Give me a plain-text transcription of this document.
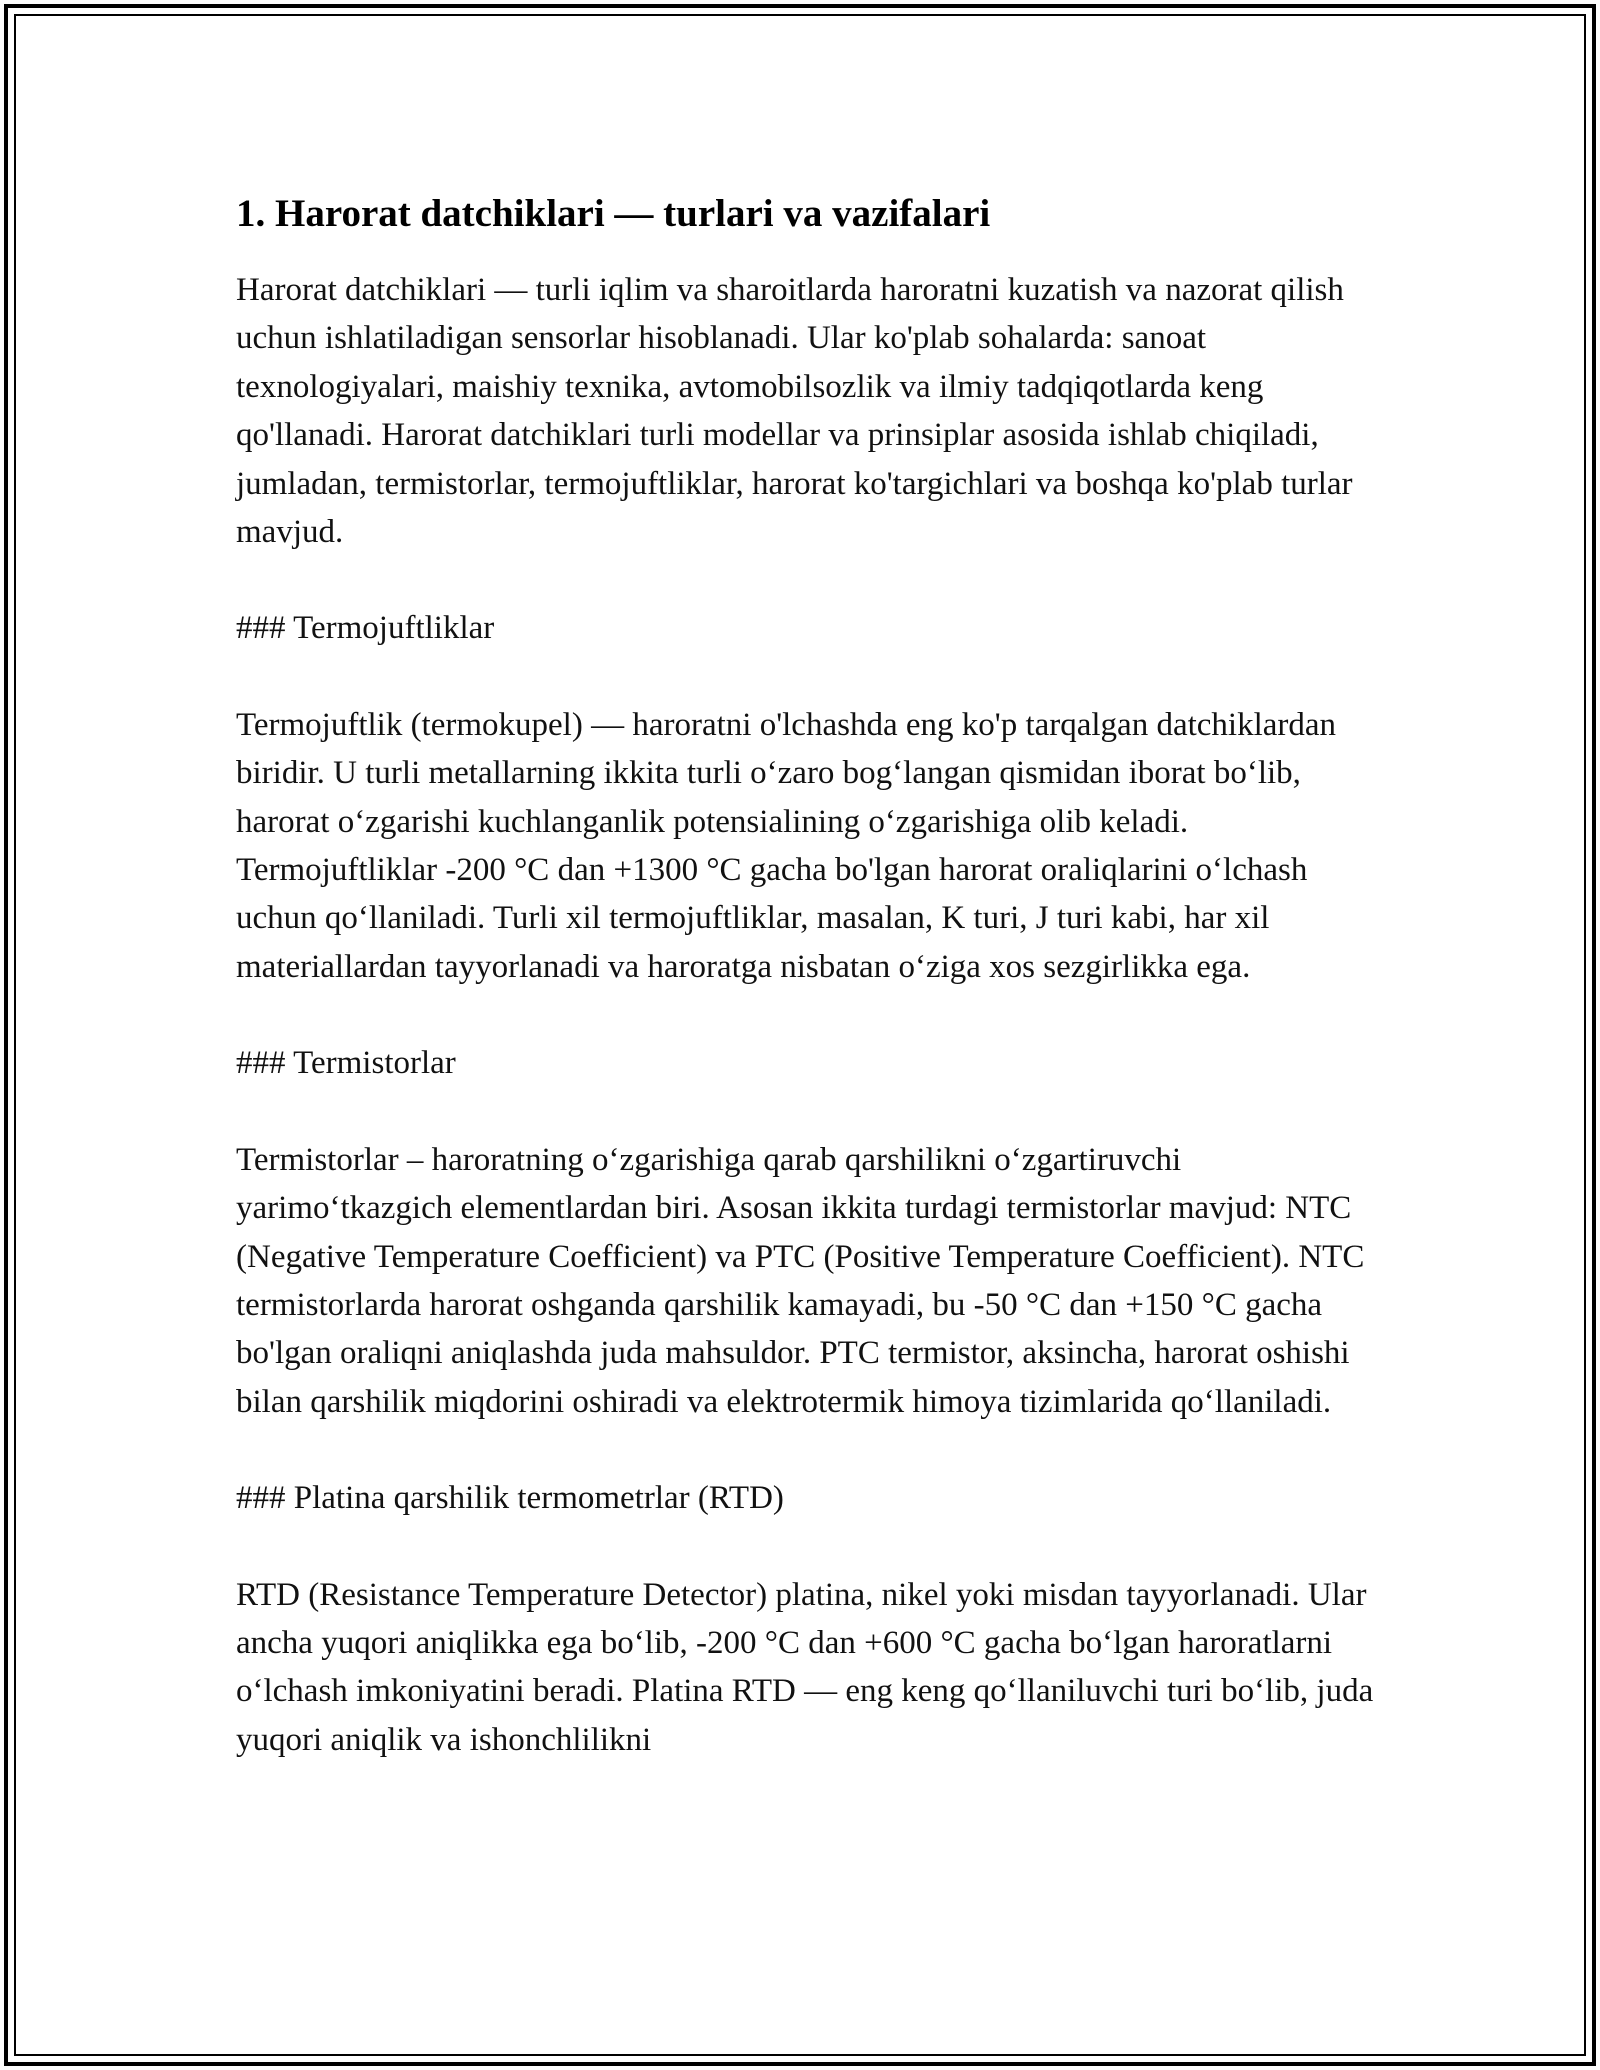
1. Harorat datchiklari — turlari va vazifalari

Harorat datchiklari — turli iqlim va sharoitlarda haroratni kuzatish va nazorat qilish uchun ishlatiladigan sensorlar hisoblanadi. Ular ko'plab sohalarda: sanoat texnologiyalari, maishiy texnika, avtomobilsozlik va ilmiy tadqiqotlarda keng qo'llanadi. Harorat datchiklari turli modellar va prinsiplar asosida ishlab chiqiladi, jumladan, termistorlar, termojuftliklar, harorat ko'targichlari va boshqa ko'plab turlar mavjud.

### Termojuftliklar

Termojuftlik (termokupel) — haroratni o'lchashda eng ko'p tarqalgan datchiklardan biridir. U turli metallarning ikkita turli o‘zaro bog‘langan qismidan iborat bo‘lib, harorat o‘zgarishi kuchlanganlik potensialining o‘zgarishiga olib keladi. Termojuftliklar -200 °C dan +1300 °C gacha bo'lgan harorat oraliqlarini o‘lchash uchun qo‘llaniladi. Turli xil termojuftliklar, masalan, K turi, J turi kabi, har xil materiallardan tayyorlanadi va haroratga nisbatan o‘ziga xos sezgirlikka ega.

### Termistorlar

Termistorlar – haroratning o‘zgarishiga qarab qarshilikni o‘zgartiruvchi yarimo‘tkazgich elementlardan biri. Asosan ikkita turdagi termistorlar mavjud: NTC (Negative Temperature Coefficient) va PTC (Positive Temperature Coefficient). NTC termistorlarda harorat oshganda qarshilik kamayadi, bu -50 °C dan +150 °C gacha bo'lgan oraliqni aniqlashda juda mahsuldor. PTC termistor, aksincha, harorat oshishi bilan qarshilik miqdorini oshiradi va elektrotermik himoya tizimlarida qo‘llaniladi.

### Platina qarshilik termometrlar (RTD)

RTD (Resistance Temperature Detector) platina, nikel yoki misdan tayyorlanadi. Ular ancha yuqori aniqlikka ega bo‘lib, -200 °C dan +600 °C gacha bo‘lgan haroratlarni o‘lchash imkoniyatini beradi. Platina RTD — eng keng qo‘llaniluvchi turi bo‘lib, juda yuqori aniqlik va ishonchlilikni
